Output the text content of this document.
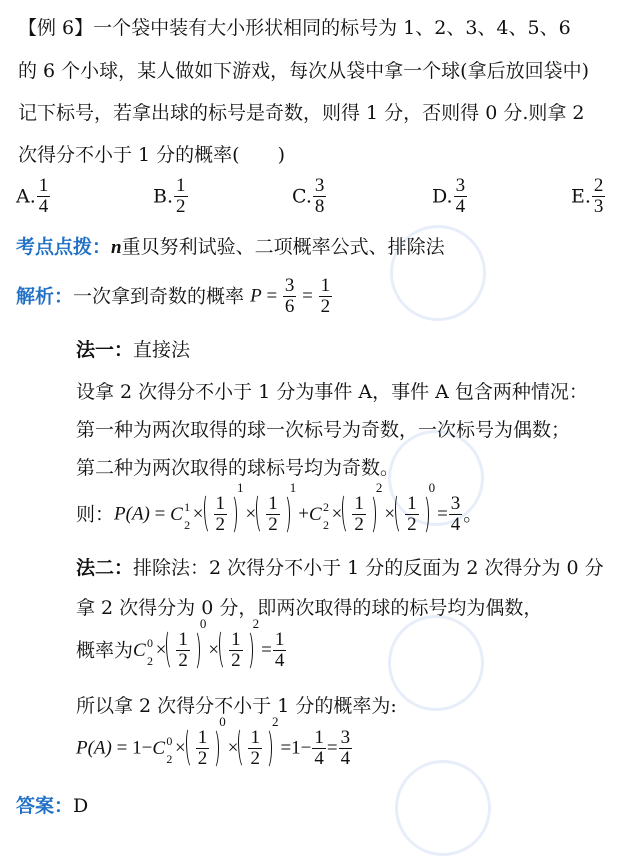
【例 6】一个袋中装有大小形状相同的标号为 1、2、3、4、5、6
的 6 个小球，某人做如下游戏，每次从袋中拿一个球(拿后放回袋中)
记下标号，若拿出球的标号是奇数，则得 1 分，否则得 0 分.则拿 2
次得分不小于 1 分的概率(　　)
A. $\frac{1}{4}$	B. $\frac{1}{2}$	C. $\frac{3}{8}$	D. $\frac{3}{4}$	E. $\frac{2}{3}$
考点点拨：n重贝努利试验、二项概率公式、排除法
解析：一次拿到奇数的概率 $P = \frac{3}{6} = \frac{1}{2}$
法一：直接法
设拿 2 次得分不小于 1 分为事件 A，事件 A 包含两种情况：
第一种为两次取得的球一次标号为奇数，一次标号为偶数；
第二种为两次取得的球标号均为奇数。
则：P(A) = C 1
$2 \times \frac{1}{2}$
$1\times \frac{1}{2}$
1+C 2
$2 \times \frac{1}{2}$
$2\times \frac{1}{2}$
$0= \frac{3}{4}$ 。
法二：排除法：2 次得分不小于 1 分的反面为 2 次得分为 0 分
拿 2 次得分为 0 分，即两次取得的球的标号均为偶数，
概率为C 0
$2 \times \frac{1}{2}$
$0\times \frac{1}{2}$
$2= \frac{1}{4}$
所以拿 2 次得分不小于 1 分的概率为:
P(A) = 1−C 0
$2 \times \frac{1}{2}$
$0\times \frac{1}{2}$
$2=1- \frac{1}{4} = \frac{3}{4}$
答案：D
